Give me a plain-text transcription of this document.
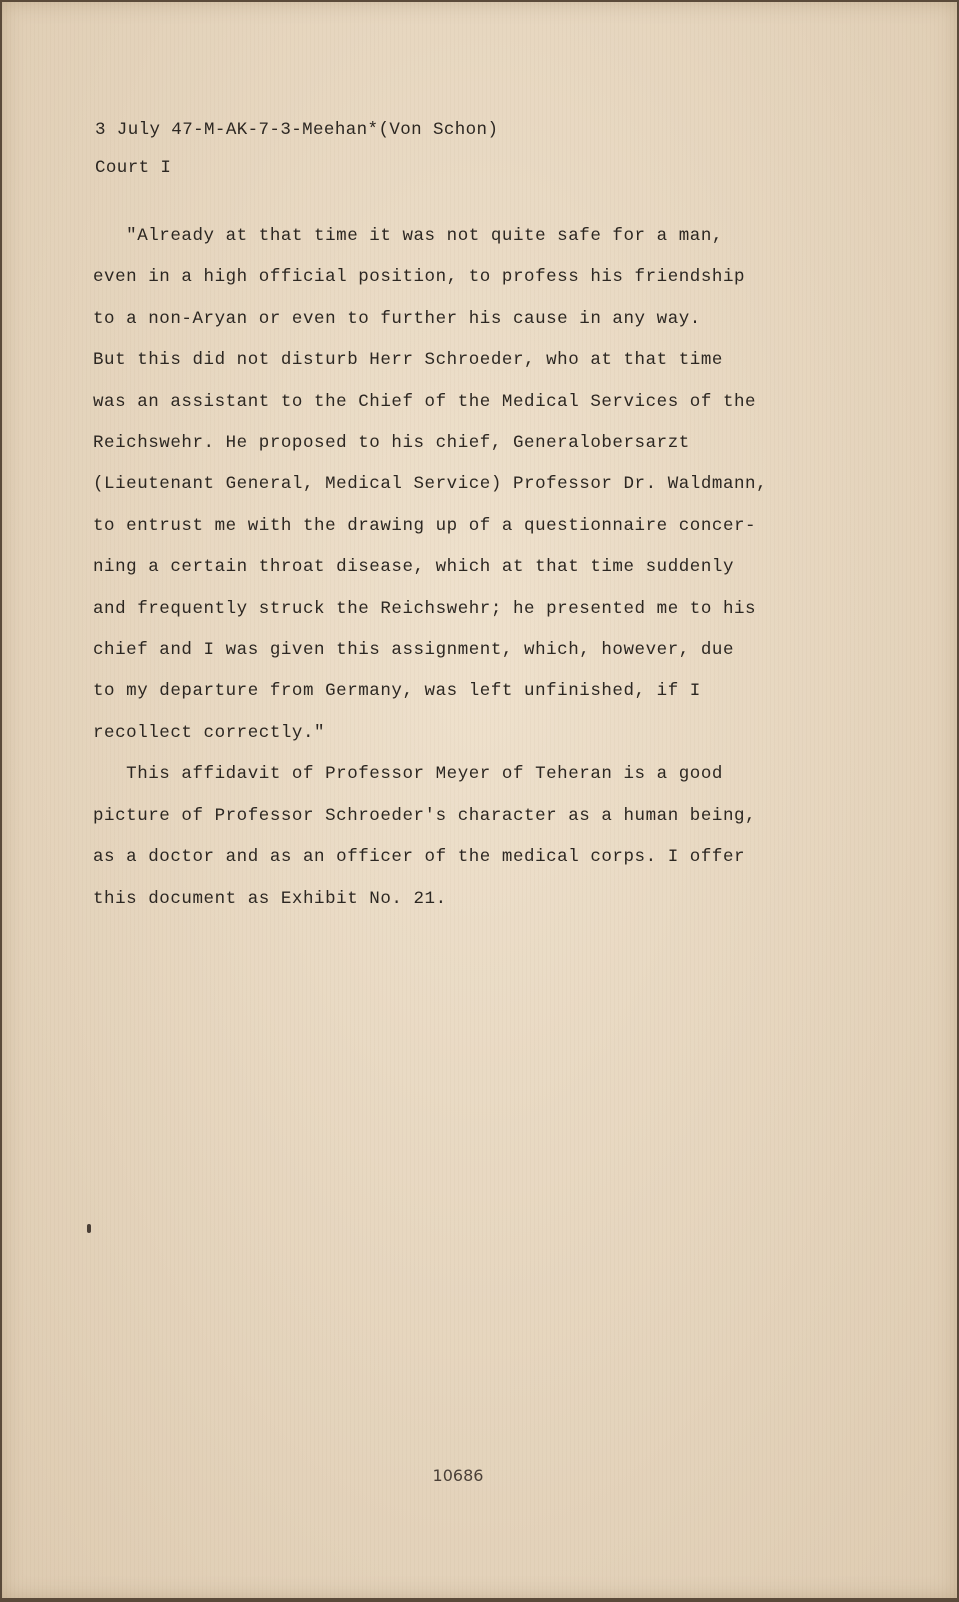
3 July 47-M-AK-7-3-Meehan*(Von Schon)
Court I

"Already at that time it was not quite safe for a man,

even in a high official position, to profess his friendship

to a non-Aryan or even to further his cause in any way.

But this did not disturb Herr Schroeder, who at that time

was an assistant to the Chief of the Medical Services of the

Reichswehr. He proposed to his chief, Generalobersarzt

(Lieutenant General, Medical Service) Professor Dr. Waldmann,

to entrust me with the drawing up of a questionnaire concer-

ning a certain throat disease, which at that time suddenly

and frequently struck the Reichswehr; he presented me to his

chief and I was given this assignment, which, however, due

to my departure from Germany, was left unfinished, if I

recollect correctly."

This affidavit of Professor Meyer of Teheran is a good

picture of Professor Schroeder's character as a human being,

as a doctor and as an officer of the medical corps. I offer

this document as Exhibit No. 21.

10686
